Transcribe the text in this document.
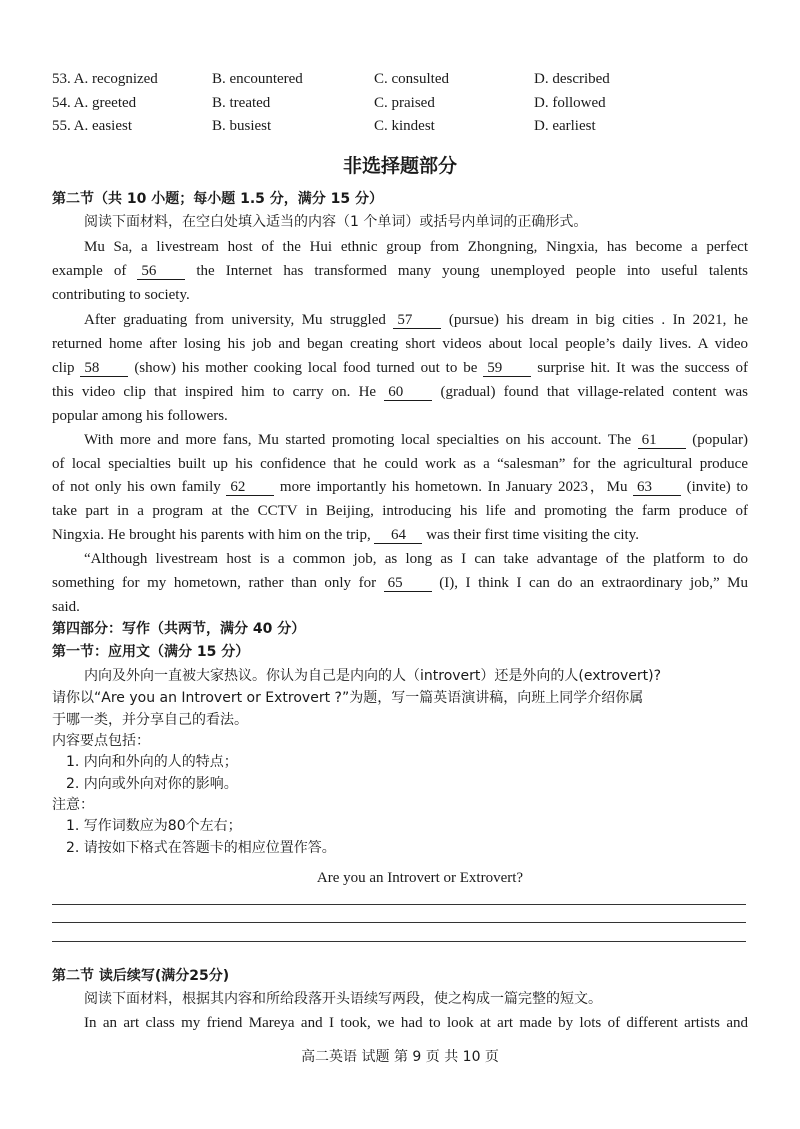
53. A. recognized	B. encountered	C. consulted	D. described
54. A. greeted	B. treated	C. praised	D. followed
55. A. easiest	B. busiest	C. kindest	D. earliest
非选择题部分
第二节（共 10 小题；每小题 1.5 分，满分 15 分）
阅读下面材料，在空白处填入适当的内容（1 个单词）或括号内单词的正确形式。
Mu Sa, a livestream host of the Hui ethnic group from Zhongning, Ningxia, has become a perfect
example of 56	the Internet has transformed many young unemployed people into useful talents
contributing to society.
After graduating from university, Mu struggled 57 (pursue) his dream in big cities . In 2021, he
returned home after losing his job and began creating short videos about local people’s daily lives. A video
clip 58 (show) his mother cooking local food turned out to be 59 surprise hit. It was the success of
this video clip that inspired him to carry on. He 60 (gradual) found that village-related content was
popular among his followers.
With more and more fans, Mu started promoting local specialties on his account. The 61 (popular)
of local specialties built up his confidence that he could work as a “salesman” for the agricultural produce
of not only his own family 62 more importantly his hometown. In January 2023，Mu 63 (invite) to
take part in a program at the CCTV in Beijing, introducing his life and promoting the farm produce of
Ningxia. He brought his parents with him on the trip, 64 was their first time visiting the city.
“Although livestream host is a common job, as long as I can take advantage of the platform to do
something for my hometown, rather than only for 65 (I), I think I can do an extraordinary job,” Mu
said.
第四部分：写作（共两节，满分 40 分）
第一节：应用文（满分 15 分）
内向及外向一直被大家热议。你认为自己是内向的人（introvert）还是外向的人(extrovert)?
请你以“Are you an Introvert or Extrovert ?”为题，写一篇英语演讲稿，向班上同学介绍你属
于哪一类，并分享自己的看法。
内容要点包括：
1. 内向和外向的人的特点；
2. 内向或外向对你的影响。
注意：
1. 写作词数应为80个左右；
2. 请按如下格式在答题卡的相应位置作答。
Are you an Introvert or Extrovert?
第二节 读后续写(满分25分)
阅读下面材料，根据其内容和所给段落开头语续写两段，使之构成一篇完整的短文。
In an art class my friend Mareya and I took, we had to look at art made by lots of different artists and
高二英语 试题 第 9 页 共 10 页
